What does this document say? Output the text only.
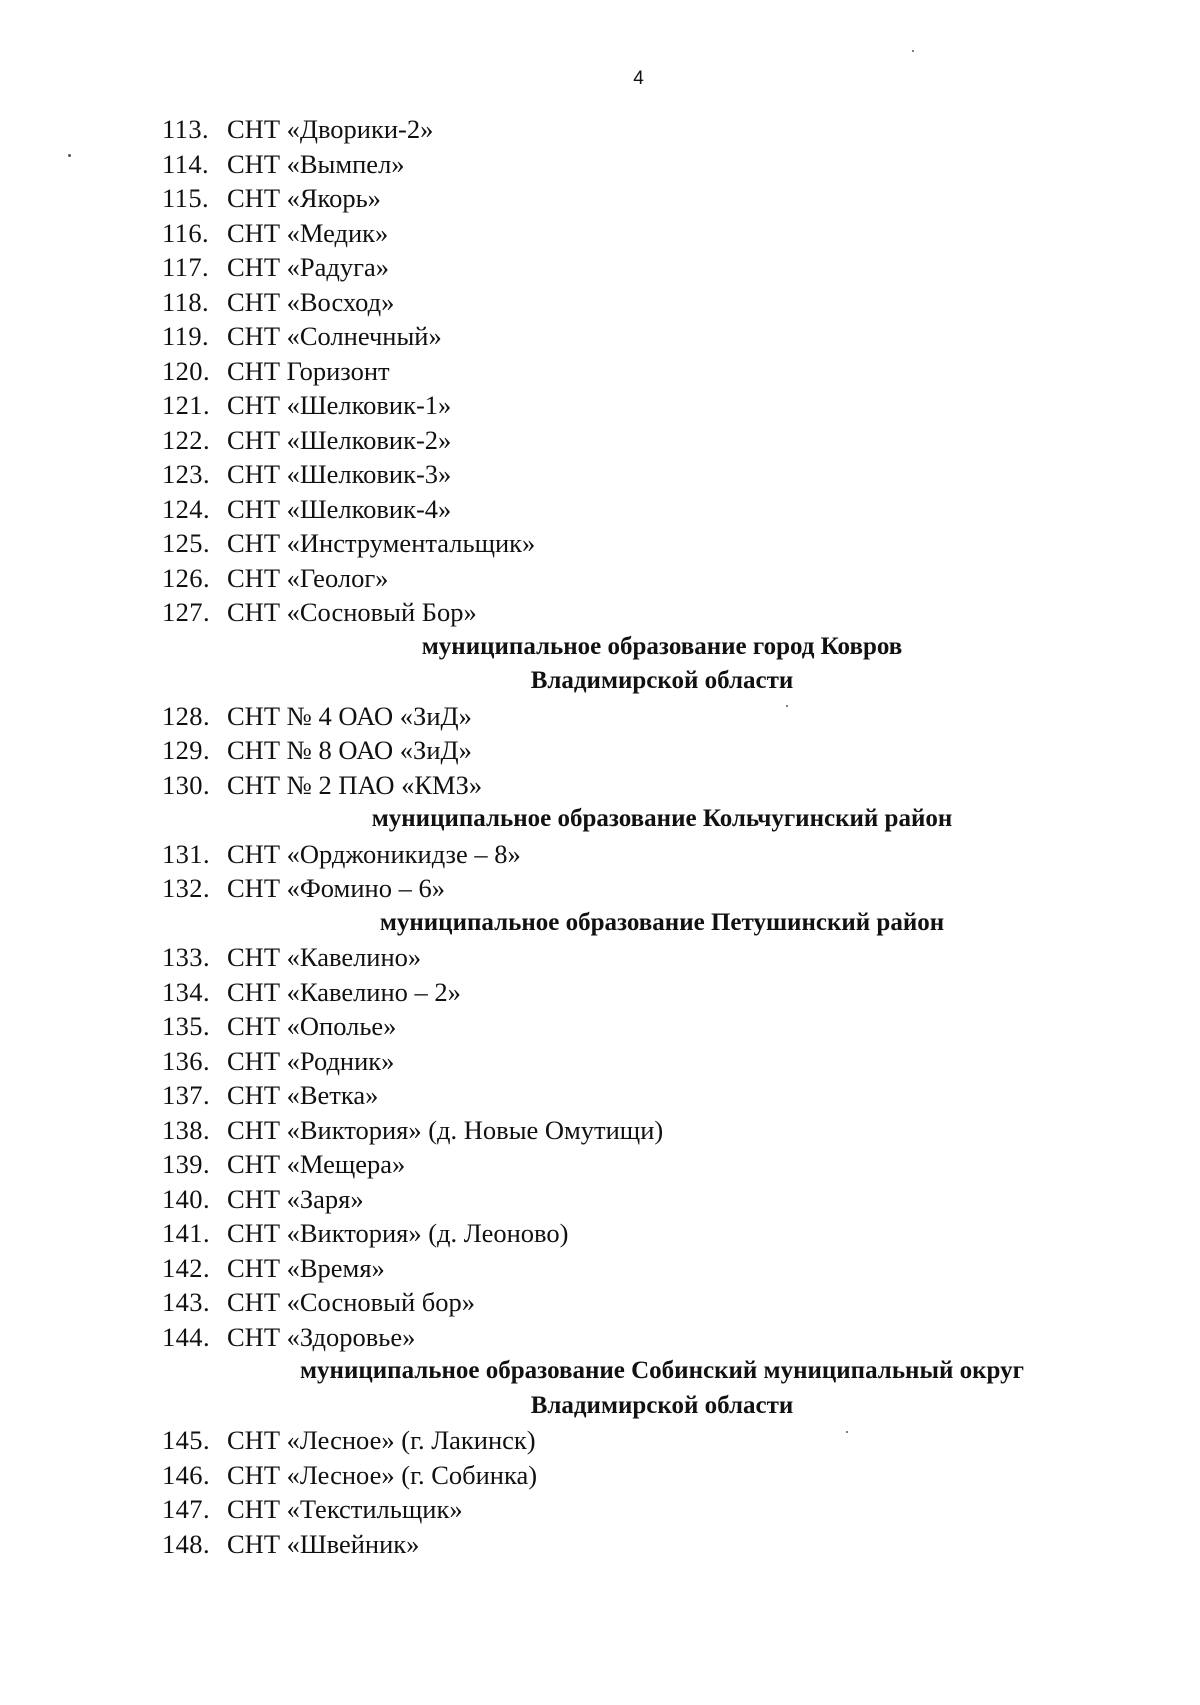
4
113. СНТ «Дворики-2»
114. СНТ «Вымпел»
115. СНТ «Якорь»
116. СНТ «Медик»
117. СНТ «Радуга»
118. СНТ «Восход»
119. СНТ «Солнечный»
120. СНТ Горизонт
121. СНТ «Шелковик-1»
122. СНТ «Шелковик-2»
123. СНТ «Шелковик-3»
124. СНТ «Шелковик-4»
125. СНТ «Инструментальщик»
126. СНТ «Геолог»
127. СНТ «Сосновый Бор»
муниципальное образование город Ковров
Владимирской области
128. СНТ № 4 ОАО «ЗиД»
129. СНТ № 8 ОАО «ЗиД»
130. СНТ № 2 ПАО «КМЗ»
муниципальное образование Кольчугинский район
131. СНТ «Орджоникидзе – 8»
132. СНТ «Фомино – 6»
муниципальное образование Петушинский район
133. СНТ «Кавелино»
134. СНТ «Кавелино – 2»
135. СНТ «Ополье»
136. СНТ «Родник»
137. СНТ «Ветка»
138. СНТ «Виктория» (д. Новые Омутищи)
139. СНТ «Мещера»
140. СНТ «Заря»
141. СНТ «Виктория» (д. Леоново)
142. СНТ «Время»
143. СНТ «Сосновый бор»
144. СНТ «Здоровье»
муниципальное образование Собинский муниципальный округ
Владимирской области
145. СНТ «Лесное» (г. Лакинск)
146. СНТ «Лесное» (г. Собинка)
147. СНТ «Текстильщик»
148. СНТ «Швейник»
